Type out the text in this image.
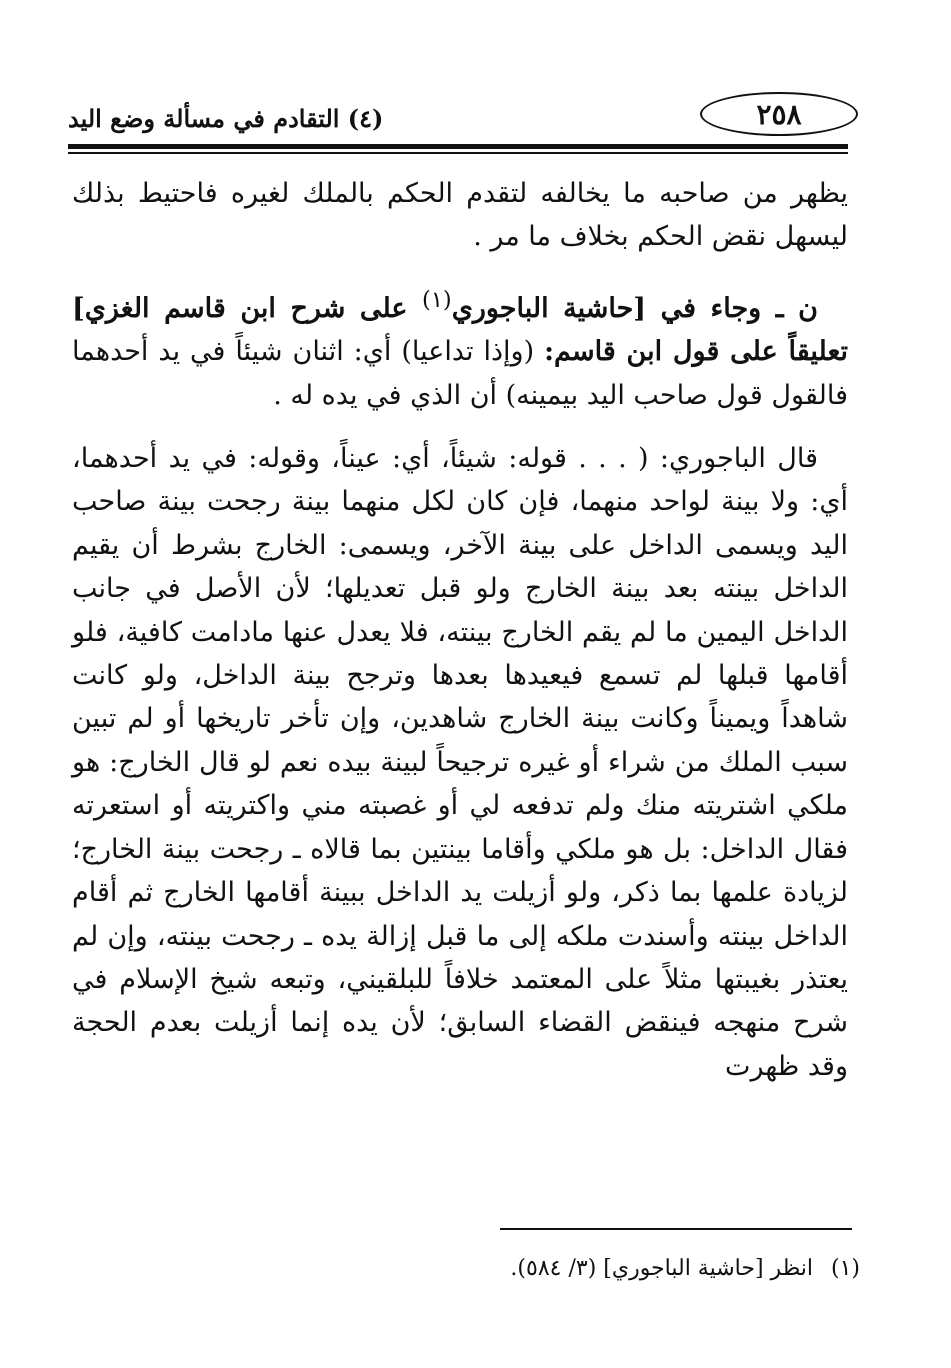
٢٥٨
(٤) التقادم في مسألة وضع اليد

يظهر من صاحبه ما يخالفه لتقدم الحكم بالملك لغيره فاحتيط بذلك ليسهل نقض الحكم بخلاف ما مر .

ن ـ وجاء في [حاشية الباجوري$^{(١)}$ على شرح ابن قاسم الغزي] تعليقاً على قول ابن قاسم: (وإذا تداعيا) أي: اثنان شيئاً في يد أحدهما فالقول قول صاحب اليد بيمينه) أن الذي في يده له .

قال الباجوري: ( . . . قوله: شيئاً، أي: عيناً، وقوله: في يد أحدهما، أي: ولا بينة لواحد منهما، فإن كان لكل منهما بينة رجحت بينة صاحب اليد ويسمى الداخل على بينة الآخر، ويسمى: الخارج بشرط أن يقيم الداخل بينته بعد بينة الخارج ولو قبل تعديلها؛ لأن الأصل في جانب الداخل اليمين ما لم يقم الخارج بينته، فلا يعدل عنها مادامت كافية، فلو أقامها قبلها لم تسمع فيعيدها بعدها وترجح بينة الداخل، ولو كانت شاهداً ويميناً وكانت بينة الخارج شاهدين، وإن تأخر تاريخها أو لم تبين سبب الملك من شراء أو غيره ترجيحاً لبينة بيده نعم لو قال الخارج: هو ملكي اشتريته منك ولم تدفعه لي أو غصبته مني واكتريته أو استعرته فقال الداخل: بل هو ملكي وأقاما بينتين بما قالاه ـ رجحت بينة الخارج؛ لزيادة علمها بما ذكر، ولو أزيلت يد الداخل ببينة أقامها الخارج ثم أقام الداخل بينته وأسندت ملكه إلى ما قبل إزالة يده ـ رجحت بينته، وإن لم يعتذر بغيبتها مثلاً على المعتمد خلافاً للبلقيني، وتبعه شيخ الإسلام في شرح منهجه فينقض القضاء السابق؛ لأن يده إنما أزيلت بعدم الحجة وقد ظهرت

(١)انظر [حاشية الباجوري] (٣/ ٥٨٤).
